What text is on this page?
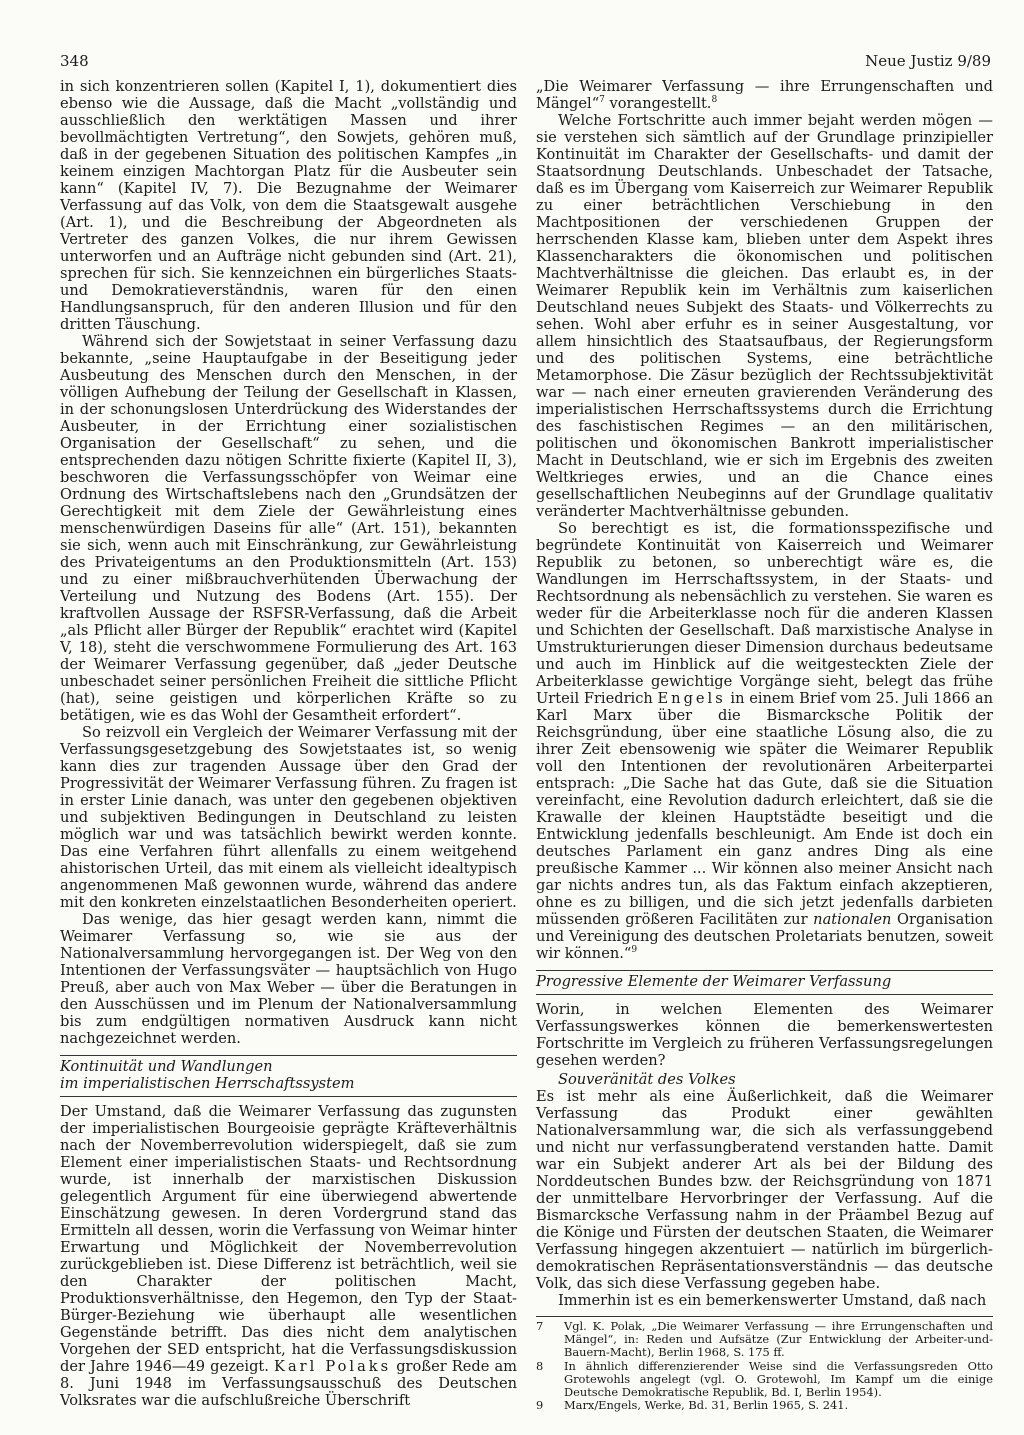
348	Neue Justiz 9/89

in sich konzentrieren sollen (Kapitel I, 1), dokumentiert dies ebenso wie die Aussage, daß die Macht „vollständig und ausschließlich den werktätigen Massen und ihrer bevollmächtigten Vertretung“, den Sowjets, gehören muß, daß in der gegebenen Situation des politischen Kampfes „in keinem einzigen Machtorgan Platz für die Ausbeuter sein kann“ (Kapitel IV, 7). Die Bezugnahme der Weimarer Verfassung auf das Volk, von dem die Staatsgewalt ausgehe (Art. 1), und die Beschreibung der Abgeordneten als Vertreter des ganzen Volkes, die nur ihrem Gewissen unterworfen und an Aufträge nicht gebunden sind (Art. 21), sprechen für sich. Sie kennzeichnen ein bürgerliches Staats- und Demokratieverständnis, waren für den einen Handlungsanspruch, für den anderen Illusion und für den dritten Täuschung.

Während sich der Sowjetstaat in seiner Verfassung dazu bekannte, „seine Hauptaufgabe in der Beseitigung jeder Ausbeutung des Menschen durch den Menschen, in der völligen Aufhebung der Teilung der Gesellschaft in Klassen, in der schonungslosen Unterdrückung des Widerstandes der Ausbeuter, in der Errichtung einer sozialistischen Organisation der Gesellschaft“ zu sehen, und die entsprechenden dazu nötigen Schritte fixierte (Kapitel II, 3), beschworen die Verfassungsschöpfer von Weimar eine Ordnung des Wirtschaftslebens nach den „Grundsätzen der Gerechtigkeit mit dem Ziele der Gewährleistung eines menschenwürdigen Daseins für alle“ (Art. 151), bekannten sie sich, wenn auch mit Einschränkung, zur Gewährleistung des Privateigentums an den Produktionsmitteln (Art. 153) und zu einer mißbrauchverhütenden Überwachung der Verteilung und Nutzung des Bodens (Art. 155). Der kraftvollen Aussage der RSFSR-Verfassung, daß die Arbeit „als Pflicht aller Bürger der Republik“ erachtet wird (Kapitel V, 18), steht die verschwommene Formulierung des Art. 163 der Weimarer Verfassung gegenüber, daß „jeder Deutsche unbeschadet seiner persönlichen Freiheit die sittliche Pflicht (hat), seine geistigen und körperlichen Kräfte so zu betätigen, wie es das Wohl der Gesamtheit erfordert“.

So reizvoll ein Vergleich der Weimarer Verfassung mit der Verfassungsgesetzgebung des Sowjetstaates ist, so wenig kann dies zur tragenden Aussage über den Grad der Progressivität der Weimarer Verfassung führen. Zu fragen ist in erster Linie danach, was unter den gegebenen objektiven und subjektiven Bedingungen in Deutschland zu leisten möglich war und was tatsächlich bewirkt werden konnte. Das eine Verfahren führt allenfalls zu einem weitgehend ahistorischen Urteil, das mit einem als vielleicht idealtypisch angenommenen Maß gewonnen wurde, während das andere mit den konkreten einzelstaatlichen Besonderheiten operiert.

Das wenige, das hier gesagt werden kann, nimmt die Weimarer Verfassung so, wie sie aus der Nationalversammlung hervorgegangen ist. Der Weg von den Intentionen der Verfassungsväter — hauptsächlich von Hugo Preuß, aber auch von Max Weber — über die Beratungen in den Ausschüssen und im Plenum der Nationalversammlung bis zum endgültigen normativen Ausdruck kann nicht nachgezeichnet werden.

Kontinuität und Wandlungen
im imperialistischen Herrschaftssystem

Der Umstand, daß die Weimarer Verfassung das zugunsten der imperialistischen Bourgeoisie geprägte Kräfteverhältnis nach der Novemberrevolution widerspiegelt, daß sie zum Element einer imperialistischen Staats- und Rechtsordnung wurde, ist innerhalb der marxistischen Diskussion gelegentlich Argument für eine überwiegend abwertende Einschätzung gewesen. In deren Vordergrund stand das Ermitteln all dessen, worin die Verfassung von Weimar hinter Erwartung und Möglichkeit der Novemberrevolution zurückgeblieben ist. Diese Differenz ist beträchtlich, weil sie den Charakter der politischen Macht, Produktionsverhältnisse, den Hegemon, den Typ der Staat-Bürger-Beziehung wie überhaupt alle wesentlichen Gegenstände betrifft. Das dies nicht dem analytischen Vorgehen der SED entspricht, hat die Verfassungsdiskussion der Jahre 1946—49 gezeigt. Karl Polaks großer Rede am 8. Juni 1948 im Verfassungsausschuß des Deutschen Volksrates war die aufschlußreiche Überschrift

„Die Weimarer Verfassung — ihre Errungenschaften und Mängel“$^7$ vorangestellt.$^8$

Welche Fortschritte auch immer bejaht werden mögen — sie verstehen sich sämtlich auf der Grundlage prinzipieller Kontinuität im Charakter der Gesellschafts- und damit der Staatsordnung Deutschlands. Unbeschadet der Tatsache, daß es im Übergang vom Kaiserreich zur Weimarer Republik zu einer beträchtlichen Verschiebung in den Machtpositionen der verschiedenen Gruppen der herrschenden Klasse kam, blieben unter dem Aspekt ihres Klassencharakters die ökonomischen und politischen Machtverhältnisse die gleichen. Das erlaubt es, in der Weimarer Republik kein im Verhältnis zum kaiserlichen Deutschland neues Subjekt des Staats- und Völkerrechts zu sehen. Wohl aber erfuhr es in seiner Ausgestaltung, vor allem hinsichtlich des Staatsaufbaus, der Regierungsform und des politischen Systems, eine beträchtliche Metamorphose. Die Zäsur bezüglich der Rechtssubjektivität war — nach einer erneuten gravierenden Veränderung des imperialistischen Herrschaftssystems durch die Errichtung des faschistischen Regimes — an den militärischen, politischen und ökonomischen Bankrott imperialistischer Macht in Deutschland, wie er sich im Ergebnis des zweiten Weltkrieges erwies, und an die Chance eines gesellschaftlichen Neubeginns auf der Grundlage qualitativ veränderter Machtverhältnisse gebunden.

So berechtigt es ist, die formationsspezifische und begründete Kontinuität von Kaiserreich und Weimarer Republik zu betonen, so unberechtigt wäre es, die Wandlungen im Herrschaftssystem, in der Staats- und Rechtsordnung als nebensächlich zu verstehen. Sie waren es weder für die Arbeiterklasse noch für die anderen Klassen und Schichten der Gesellschaft. Daß marxistische Analyse in Umstrukturierungen dieser Dimension durchaus bedeutsame und auch im Hinblick auf die weitgesteckten Ziele der Arbeiterklasse gewichtige Vorgänge sieht, belegt das frühe Urteil Friedrich Engels in einem Brief vom 25. Juli 1866 an Karl Marx über die Bismarcksche Politik der Reichsgründung, über eine staatliche Lösung also, die zu ihrer Zeit ebensowenig wie später die Weimarer Republik voll den Intentionen der revolutionären Arbeiterpartei entsprach: „Die Sache hat das Gute, daß sie die Situation vereinfacht, eine Revolution dadurch erleichtert, daß sie die Krawalle der kleinen Hauptstädte beseitigt und die Entwicklung jedenfalls beschleunigt. Am Ende ist doch ein deutsches Parlament ein ganz andres Ding als eine preußische Kammer ... Wir können also meiner Ansicht nach gar nichts andres tun, als das Faktum einfach akzeptieren, ohne es zu billigen, und die sich jetzt jedenfalls darbieten müssenden größeren Facilitäten zur nationalen Organisation und Vereinigung des deutschen Proletariats benutzen, soweit wir können.“$^9$

Progressive Elemente der Weimarer Verfassung

Worin, in welchen Elementen des Weimarer Verfassungswerkes können die bemerkenswertesten Fortschritte im Vergleich zu früheren Verfassungsregelungen gesehen werden?

Souveränität des Volkes

Es ist mehr als eine Äußerlichkeit, daß die Weimarer Verfassung das Produkt einer gewählten Nationalversammlung war, die sich als verfassunggebend und nicht nur verfassungberatend verstanden hatte. Damit war ein Subjekt anderer Art als bei der Bildung des Norddeutschen Bundes bzw. der Reichsgründung von 1871 der unmittelbare Hervorbringer der Verfassung. Auf die Bismarcksche Verfassung nahm in der Präambel Bezug auf die Könige und Fürsten der deutschen Staaten, die Weimarer Verfassung hingegen akzentuiert — natürlich im bürgerlich-demokratischen Repräsentationsverständnis — das deutsche Volk, das sich diese Verfassung gegeben habe.

Immerhin ist es ein bemerkenswerter Umstand, daß nach

7	Vgl. K. Polak, „Die Weimarer Verfassung — ihre Errungenschaften und Mängel“, in: Reden und Aufsätze (Zur Entwicklung der Arbeiter-und-Bauern-Macht), Berlin 1968, S. 175 ff.
8	In ähnlich differenzierender Weise sind die Verfassungsreden Otto Grotewohls angelegt (vgl. O. Grotewohl, Im Kampf um die einige Deutsche Demokratische Republik, Bd. I, Berlin 1954).
9	Marx/Engels, Werke, Bd. 31, Berlin 1965, S. 241.
